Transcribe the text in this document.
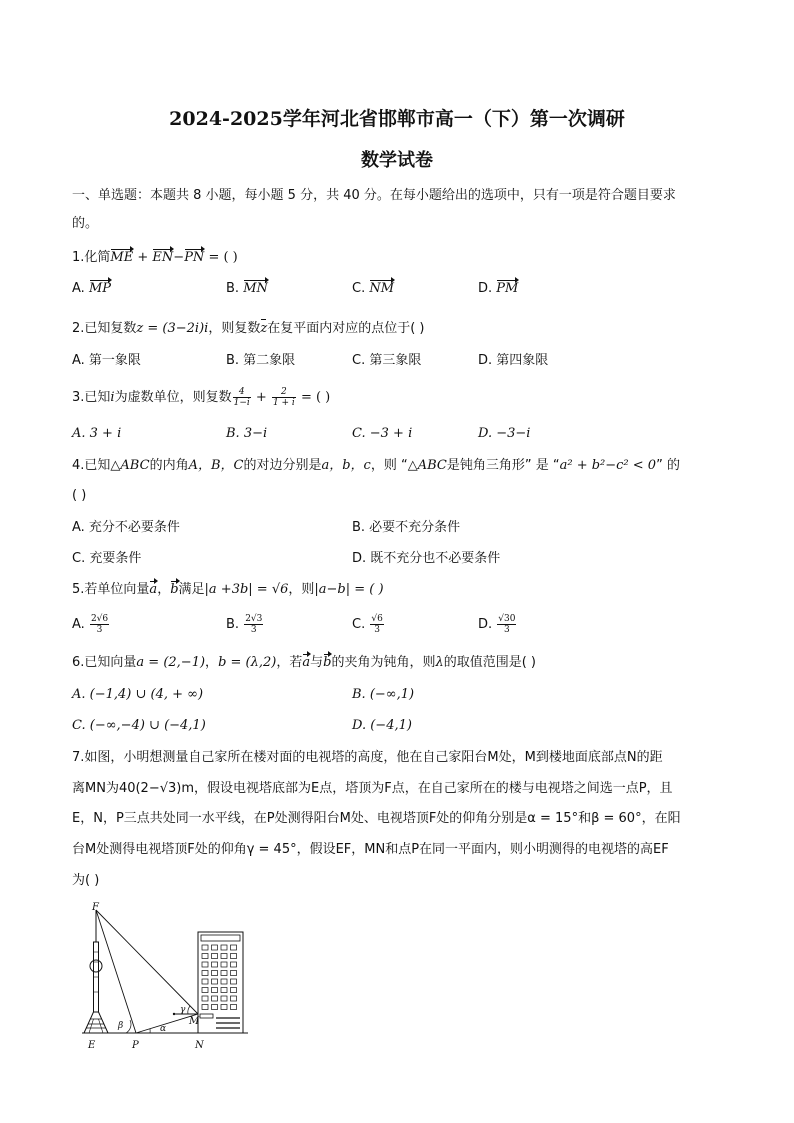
2024-2025学年河北省邯郸市高一（下）第一次调研
数学试卷
一、单选题：本题共 8 小题，每小题 5 分，共 40 分。在每小题给出的选项中，只有一项是符合题目要求
的。
1.化简ME + EN−PN = ( )
A. MP	B. MN	C. NM	D. PM
2.已知复数z = (3−2i)i，则复数z在复平面内对应的点位于( )
A. 第一象限	B. 第二象限	C. 第三象限	D. 第四象限
3.已知i为虚数单位，则复数 $\frac{4}{1-i} + \frac{2}{1 + i}$ = ( )
A. 3 + i	B. 3−i	C. −3 + i	D. −3−i
4.已知△ABC的内角A，B，C的对边分别是a，b，c，则 “△ABC是钝角三角形” 是 “a² + b²−c² < 0” 的
( )
A. 充分不必要条件	B. 必要不充分条件
C. 充要条件	D. 既不充分也不必要条件
5.若单位向量a，b满足|a +3b| = √6，则|a−b| = ( )
A. $\frac{2√6}{3}$	B. $\frac{2√3}{3}$	C. $\frac{√6}{3}$	D. $\frac{√30}{3}$
6.已知向量a = (2,−1)，b = (λ,2)，若a与b的夹角为钝角，则λ的取值范围是( )
A. (−1,4) ∪ (4, + ∞)	B. (−∞,1)
C. (−∞,−4) ∪ (−4,1)	D. (−4,1)
7.如图，小明想测量自己家所在楼对面的电视塔的高度，他在自己家阳台M处，M到楼地面底部点N的距
离MN为40(2−√3)m，假设电视塔底部为E点，塔顶为F点，在自己家所在的楼与电视塔之间选一点P，且
E，N，P三点共处同一水平线，在P处测得阳台M处、电视塔顶F处的仰角分别是α = 15°和β = 60°，在阳
台M处测得电视塔顶F处的仰角γ = 45°，假设EF，MN和点P在同一平面内，则小明测得的电视塔的高EF
为( )
F
E	P	N
M
α
β
γ
